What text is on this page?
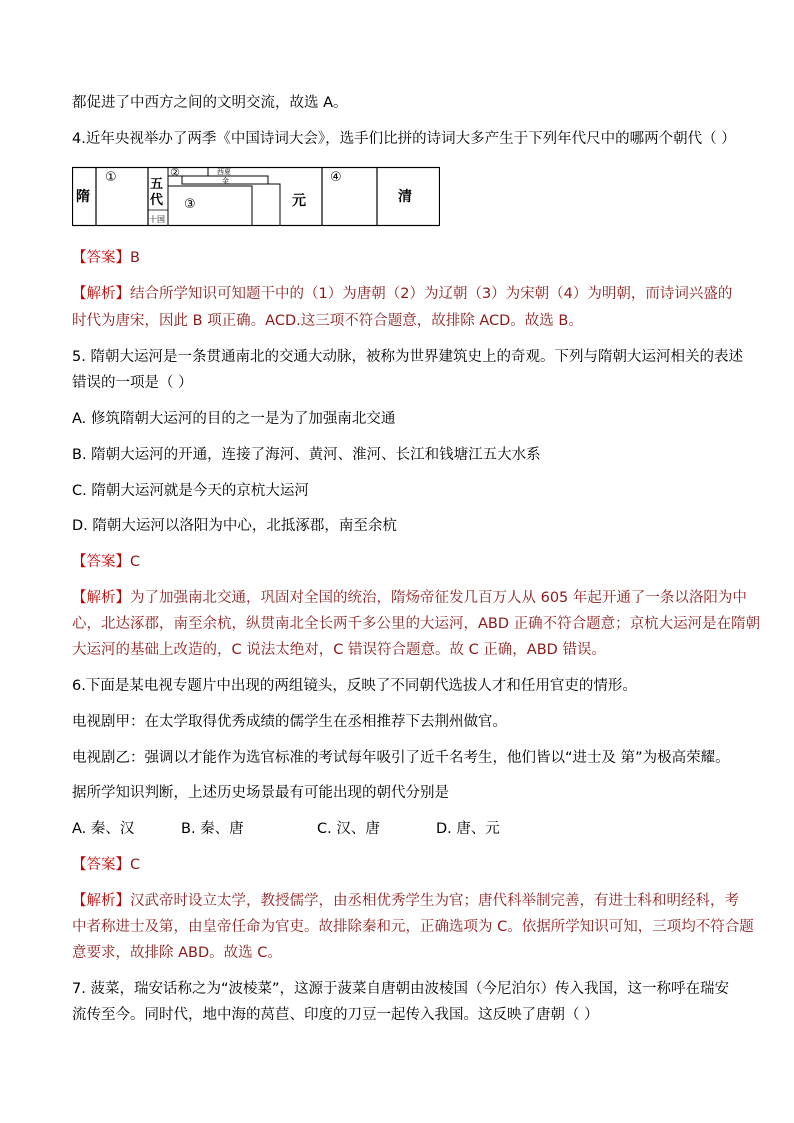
都促进了中西方之间的文明交流，故选 A。
4.近年央视举办了两季《中国诗词大会》，选手们比拼的诗词大多产生于下列年代尺中的哪两个朝代（ ）
隋
①	②	西夏
金
五
代
十国
③	元
④
清
【答案】B
【解析】结合所学知识可知题干中的（1）为唐朝（2）为辽朝（3）为宋朝（4）为明朝，而诗词兴盛的
时代为唐宋，因此 B 项正确。ACD.这三项不符合题意，故排除 ACD。故选 B。
5. 隋朝大运河是一条贯通南北的交通大动脉，被称为世界建筑史上的奇观。下列与隋朝大运河相关的表述
错误的一项是（ ）
A. 修筑隋朝大运河的目的之一是为了加强南北交通
B. 隋朝大运河的开通，连接了海河、黄河、淮河、长江和钱塘江五大水系
C. 隋朝大运河就是今天的京杭大运河
D. 隋朝大运河以洛阳为中心，北抵涿郡，南至余杭
【答案】C
【解析】为了加强南北交通，巩固对全国的统治，隋炀帝征发几百万人从 605 年起开通了一条以洛阳为中
心，北达涿郡，南至余杭，纵贯南北全长两千多公里的大运河，ABD 正确不符合题意；京杭大运河是在隋朝
大运河的基础上改造的，C 说法太绝对，C 错误符合题意。故 C 正确，ABD 错误。
6.下面是某电视专题片中出现的两组镜头，反映了不同朝代选拔人才和任用官吏的情形。
电视剧甲：在太学取得优秀成绩的儒学生在丞相推荐下去荆州做官。
电视剧乙：强调以才能作为选官标准的考试每年吸引了近千名考生，他们皆以“进士及 第”为极高荣耀。
据所学知识判断，上述历史场景最有可能出现的朝代分别是
A. 秦、汉	B. 秦、唐	C. 汉、唐	D. 唐、元
【答案】C
【解析】汉武帝时设立太学，教授儒学，由丞相优秀学生为官；唐代科举制完善，有进士科和明经科，考
中者称进士及第，由皇帝任命为官吏。故排除秦和元，正确选项为 C。依据所学知识可知，三项均不符合题
意要求，故排除 ABD。故选 C。
7. 菠菜，瑞安话称之为“波棱菜”，这源于菠菜自唐朝由波棱国（今尼泊尔）传入我国，这一称呼在瑞安
流传至今。同时代，地中海的莴苣、印度的刀豆一起传入我国。这反映了唐朝（ ）
